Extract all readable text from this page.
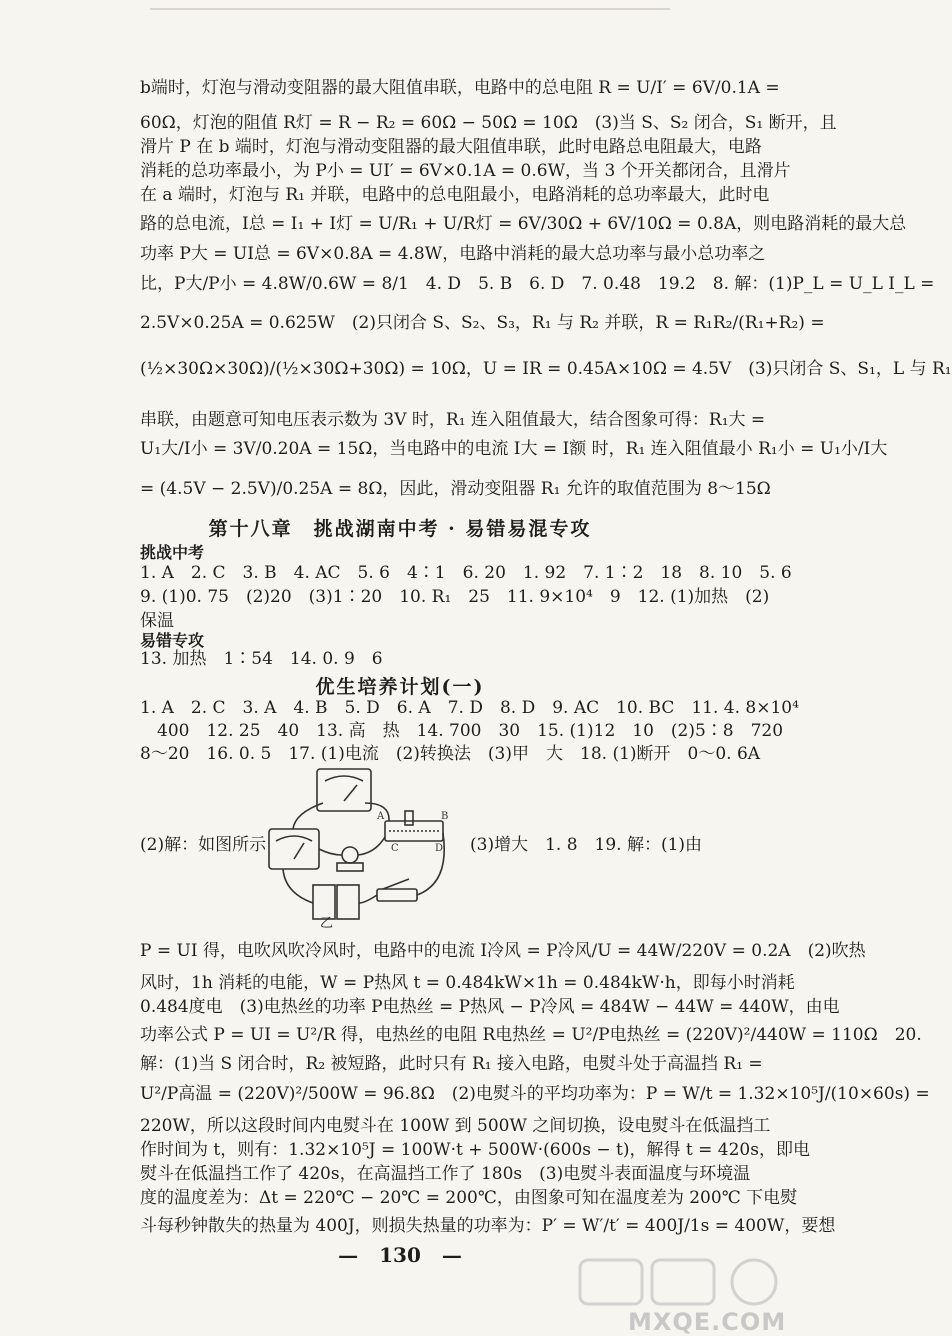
b端时，灯泡与滑动变阻器的最大阻值串联，电路中的总电阻 R = U/I′ = 6V/0.1A =
60Ω，灯泡的阻值 R灯 = R − R₂ = 60Ω − 50Ω = 10Ω　(3)当 S、S₂ 闭合，S₁ 断开，且
滑片 P 在 b 端时，灯泡与滑动变阻器的最大阻值串联，此时电路总电阻最大，电路
消耗的总功率最小，为 P小 = UI′ = 6V×0.1A = 0.6W，当 3 个开关都闭合，且滑片
在 a 端时，灯泡与 R₁ 并联，电路中的总电阻最小，电路消耗的总功率最大，此时电
路的总电流，I总 = I₁ + I灯 = U/R₁ + U/R灯 = 6V/30Ω + 6V/10Ω = 0.8A，则电路消耗的最大总
功率 P大 = UI总 = 6V×0.8A = 4.8W，电路中消耗的最大总功率与最小总功率之
比，P大/P小 = 4.8W/0.6W = 8/1　4. D　5. B　6. D　7. 0.48　19.2　8. 解：(1)P_L = U_L I_L =
2.5V×0.25A = 0.625W　(2)只闭合 S、S₂、S₃，R₁ 与 R₂ 并联，R = R₁R₂/(R₁+R₂) =
(½×30Ω×30Ω)/(½×30Ω+30Ω) = 10Ω，U = IR = 0.45A×10Ω = 4.5V　(3)只闭合 S、S₁，L 与 R₁
串联，由题意可知电压表示数为 3V 时，R₁ 连入阻值最大，结合图象可得：R₁大 =
U₁大/I小 = 3V/0.20A = 15Ω，当电路中的电流 I大 = I额 时，R₁ 连入阻值最小 R₁小 = U₁小/I大
= (4.5V − 2.5V)/0.25A = 8Ω，因此，滑动变阻器 R₁ 允许的取值范围为 8～15Ω
第十八章　挑战湖南中考 · 易错易混专攻
挑战中考
1. A　2. C　3. B　4. AC　5. 6　4∶1　6. 20　1. 92　7. 1∶2　18　8. 10　5. 6
9. (1)0. 75　(2)20　(3)1∶20　10. R₁　25　11. 9×10⁴　9　12. (1)加热　(2)
保温
易错专攻
13. 加热　1∶54　14. 0. 9　6
优生培养计划(一)
1. A　2. C　3. A　4. B　5. D　6. A　7. D　8. D　9. AC　10. BC　11. 4. 8×10⁴
　400　12. 25　40　13. 高　热　14. 700　30　15. (1)12　10　(2)5∶8　720
8～20　16. 0. 5　17. (1)电流　(2)转换法　(3)甲　大　18. (1)断开　0～0. 6A
(2)解：如图所示	(3)增大　1. 8　19. 解：(1)由
A	B
C	D
乙
P = UI 得，电吹风吹冷风时，电路中的电流 I冷风 = P冷风/U = 44W/220V = 0.2A　(2)吹热
风时，1h 消耗的电能，W = P热风 t = 0.484kW×1h = 0.484kW·h，即每小时消耗
0.484度电　(3)电热丝的功率 P电热丝 = P热风 − P冷风 = 484W − 44W = 440W，由电
功率公式 P = UI = U²/R 得，电热丝的电阻 R电热丝 = U²/P电热丝 = (220V)²/440W = 110Ω　20.
解：(1)当 S 闭合时，R₂ 被短路，此时只有 R₁ 接入电路，电熨斗处于高温挡 R₁ =
U²/P高温 = (220V)²/500W = 96.8Ω　(2)电熨斗的平均功率为：P = W/t = 1.32×10⁵J/(10×60s) =
220W，所以这段时间内电熨斗在 100W 到 500W 之间切换，设电熨斗在低温挡工
作时间为 t，则有：1.32×10⁵J = 100W·t + 500W·(600s − t)，解得 t = 420s，即电
熨斗在低温挡工作了 420s，在高温挡工作了 180s　(3)电熨斗表面温度与环境温
度的温度差为：Δt = 220℃ − 20℃ = 200℃，由图象可知在温度差为 200℃ 下电熨
斗每秒钟散失的热量为 400J，则损失热量的功率为：P′ = W′/t′ = 400J/1s = 400W，要想
— 130 —
MXQE.COM
